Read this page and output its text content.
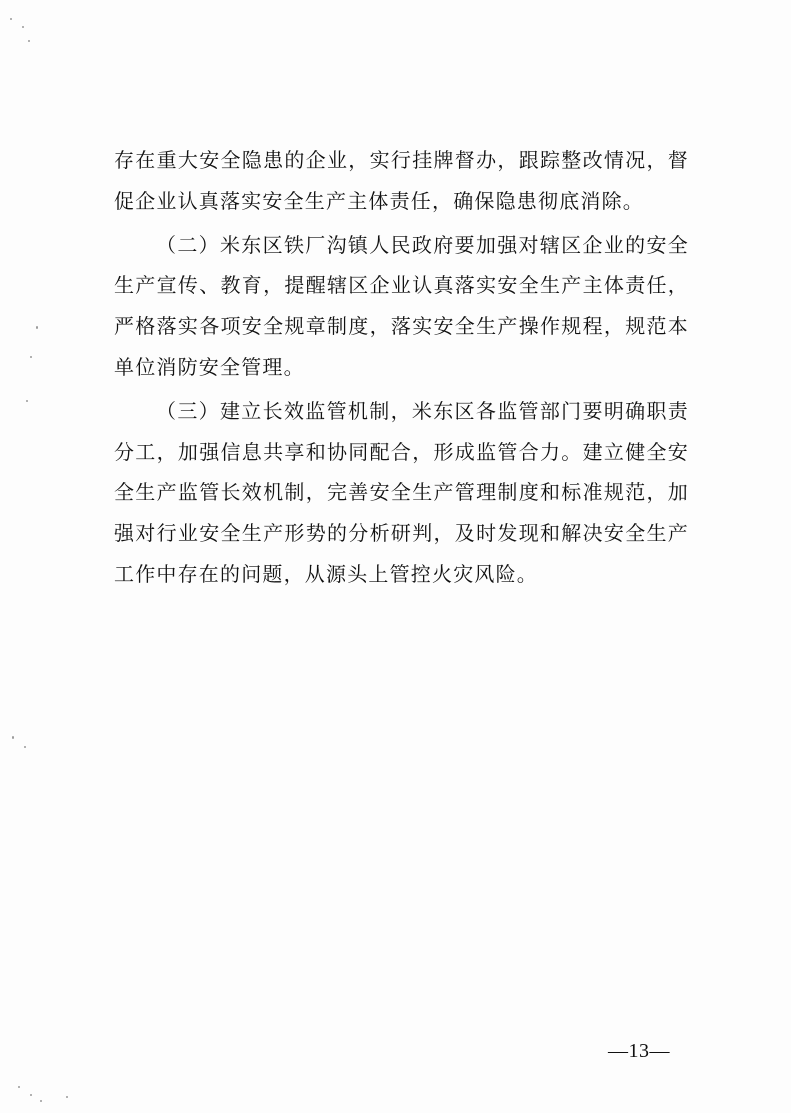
存在重大安全隐患的企业，实行挂牌督办，跟踪整改情况，督促企业认真落实安全生产主体责任，确保隐患彻底消除。

（二）米东区铁厂沟镇人民政府要加强对辖区企业的安全生产宣传、教育，提醒辖区企业认真落实安全生产主体责任，严格落实各项安全规章制度，落实安全生产操作规程，规范本单位消防安全管理。

（三）建立长效监管机制，米东区各监管部门要明确职责分工，加强信息共享和协同配合，形成监管合力。建立健全安全生产监管长效机制，完善安全生产管理制度和标准规范，加强对行业安全生产形势的分析研判，及时发现和解决安全生产工作中存在的问题，从源头上管控火灾风险。

—13—
